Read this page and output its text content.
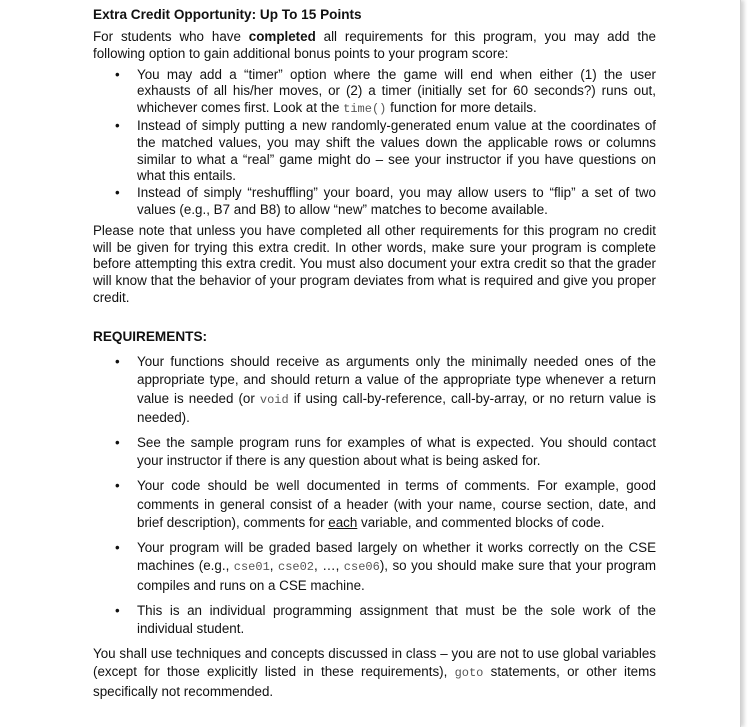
Extra Credit Opportunity: Up To 15 Points

For students who have completed all requirements for this program, you may add the following option to gain additional bonus points to your program score:

• You may add a “timer” option where the game will end when either (1) the user exhausts of all his/her moves, or (2) a timer (initially set for 60 seconds?) runs out, whichever comes first. Look at the time() function for more details.
• Instead of simply putting a new randomly-generated enum value at the coordinates of the matched values, you may shift the values down the applicable rows or columns similar to what a “real” game might do – see your instructor if you have questions on what this entails.
• Instead of simply “reshuffling” your board, you may allow users to “flip” a set of two values (e.g., B7 and B8) to allow “new” matches to become available.

Please note that unless you have completed all other requirements for this program no credit will be given for trying this extra credit. In other words, make sure your program is complete before attempting this extra credit. You must also document your extra credit so that the grader will know that the behavior of your program deviates from what is required and give you proper credit.

REQUIREMENTS:
• Your functions should receive as arguments only the minimally needed ones of the appropriate type, and should return a value of the appropriate type whenever a return value is needed (or void if using call-by-reference, call-by-array, or no return value is needed).
• See the sample program runs for examples of what is expected. You should contact your instructor if there is any question about what is being asked for.
• Your code should be well documented in terms of comments. For example, good comments in general consist of a header (with your name, course section, date, and brief description), comments for each variable, and commented blocks of code.
• Your program will be graded based largely on whether it works correctly on the CSE machines (e.g., cse01, cse02, …, cse06), so you should make sure that your program compiles and runs on a CSE machine.
• This is an individual programming assignment that must be the sole work of the individual student.

You shall use techniques and concepts discussed in class – you are not to use global variables (except for those explicitly listed in these requirements), goto statements, or other items specifically not recommended.
